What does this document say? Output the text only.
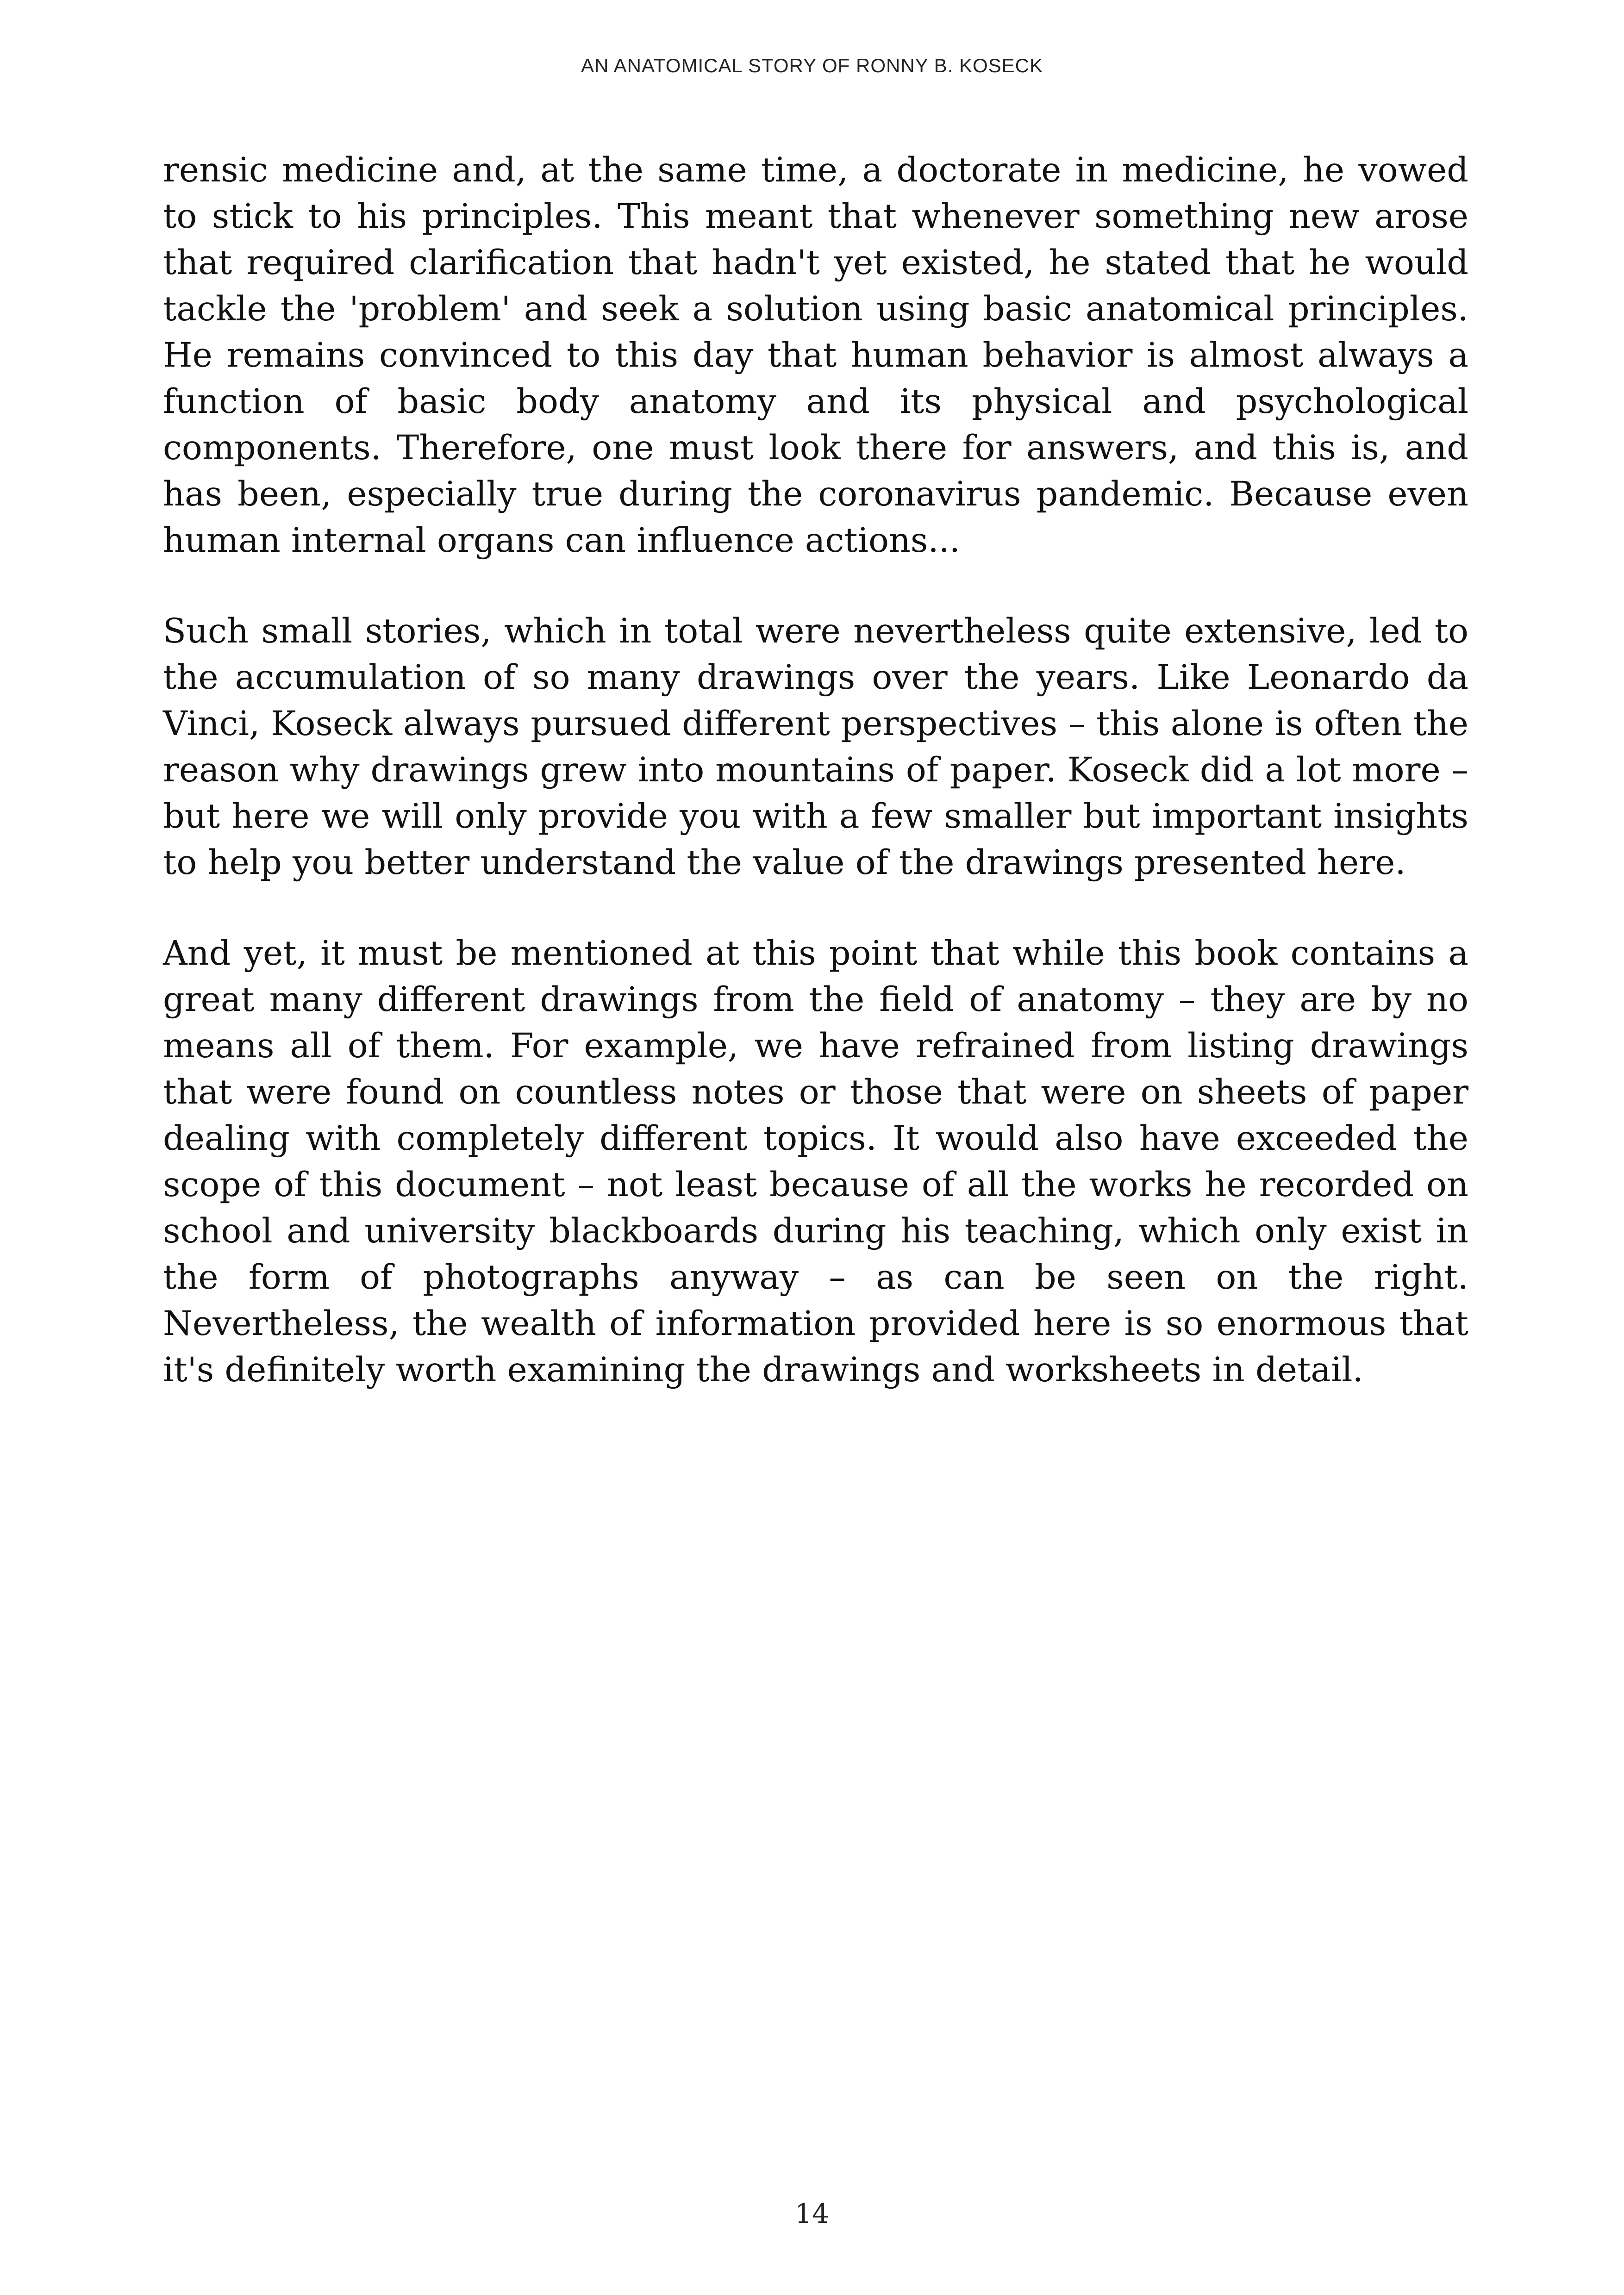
AN ANATOMICAL STORY OF RONNY B. KOSECK

rensic medicine and, at the same time, a doctorate in medicine, he vowed to stick to his principles. This meant that whenever something new arose that required clarification that hadn't yet existed, he stated that he would tackle the 'problem' and seek a solution using basic anatomical principles. He remains convinced to this day that human behavior is almost always a function of basic body anatomy and its physical and psychological components. Therefore, one must look there for answers, and this is, and has been, especially true during the coronavirus pandemic. Because even human internal organs can influence actions...

Such small stories, which in total were nevertheless quite extensive, led to the accumulation of so many drawings over the years. Like Leonardo da Vinci, Koseck always pursued different perspectives – this alone is often the reason why drawings grew into mountains of paper. Koseck did a lot more – but here we will only provide you with a few smaller but important insights to help you better understand the value of the drawings presented here.

And yet, it must be mentioned at this point that while this book contains a great many different drawings from the field of anatomy – they are by no means all of them. For example, we have refrained from listing drawings that were found on countless notes or those that were on sheets of paper dealing with completely different topics. It would also have exceeded the scope of this document – not least because of all the works he recorded on school and university blackboards during his teaching, which only exist in the form of photographs anyway – as can be seen on the right. Nevertheless, the wealth of information provided here is so enormous that it's definitely worth examining the drawings and worksheets in detail.

14
